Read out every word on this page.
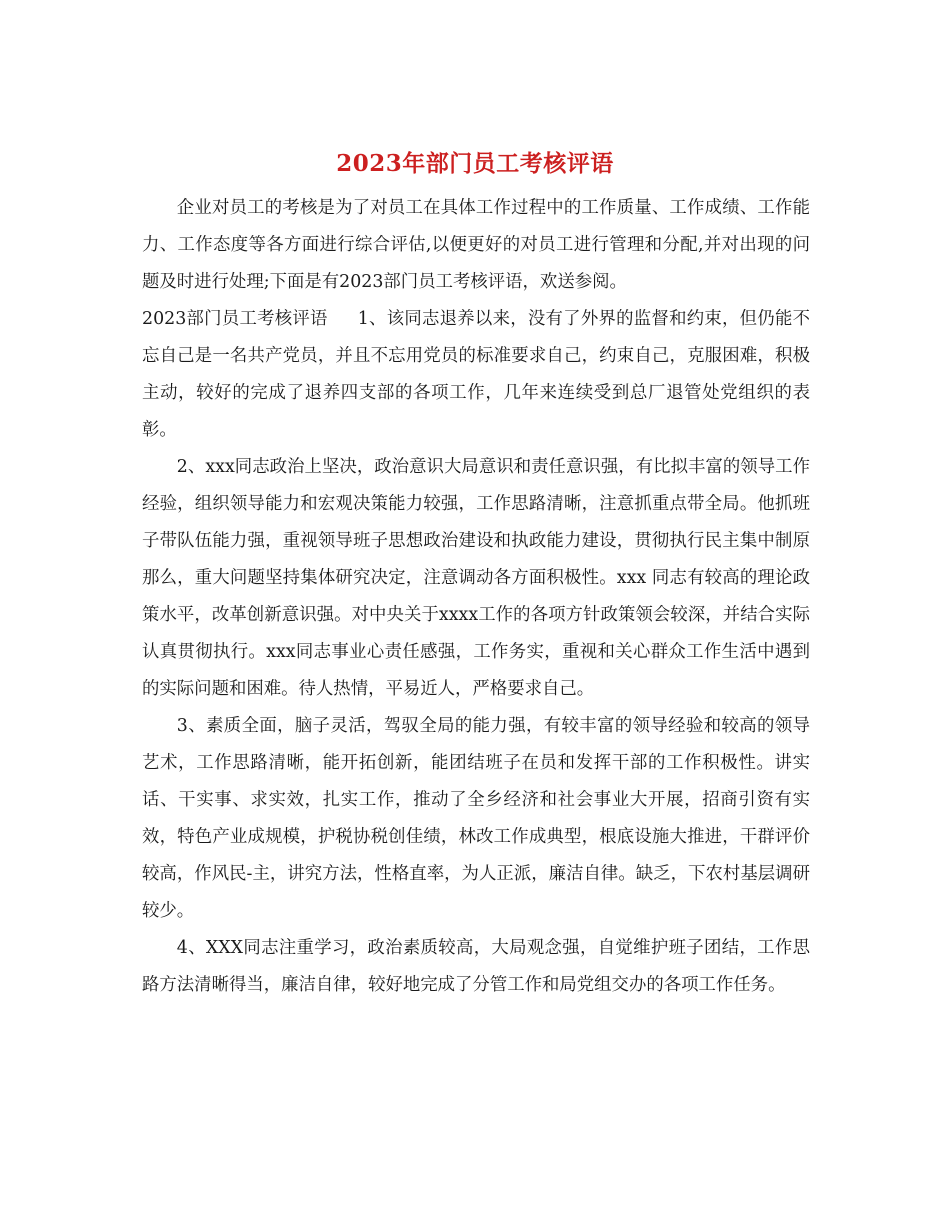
2023年部门员工考核评语

企业对员工的考核是为了对员工在具体工作过程中的工作质量、工作成绩、工作能力、工作态度等各方面进行综合评估,以便更好的对员工进行管理和分配,并对出现的问题及时进行处理;下面是有2023部门员工考核评语，欢送参阅。

2023部门员工考核评语 1、该同志退养以来，没有了外界的监督和约束，但仍能不忘自己是一名共产党员，并且不忘用党员的标准要求自己，约束自己，克服困难，积极主动，较好的完成了退养四支部的各项工作，几年来连续受到总厂退管处党组织的表彰。

2、xxx同志政治上坚决，政治意识大局意识和责任意识强，有比拟丰富的领导工作经验，组织领导能力和宏观决策能力较强，工作思路清晰，注意抓重点带全局。他抓班子带队伍能力强，重视领导班子思想政治建设和执政能力建设，贯彻执行民主集中制原那么，重大问题坚持集体研究决定，注意调动各方面积极性。xxx 同志有较高的理论政策水平，改革创新意识强。对中央关于xxxx工作的各项方针政策领会较深，并结合实际认真贯彻执行。xxx同志事业心责任感强，工作务实，重视和关心群众工作生活中遇到的实际问题和困难。待人热情，平易近人，严格要求自己。

3、素质全面，脑子灵活，驾驭全局的能力强，有较丰富的领导经验和较高的领导艺术，工作思路清晰，能开拓创新，能团结班子在员和发挥干部的工作积极性。讲实话、干实事、求实效，扎实工作，推动了全乡经济和社会事业大开展，招商引资有实效，特色产业成规模，护税协税创佳绩，林改工作成典型，根底设施大推进，干群评价较高，作风民-主，讲究方法，性格直率，为人正派，廉洁自律。缺乏，下农村基层调研较少。

4、XXX同志注重学习，政治素质较高，大局观念强，自觉维护班子团结，工作思路方法清晰得当，廉洁自律，较好地完成了分管工作和局党组交办的各项工作任务。
